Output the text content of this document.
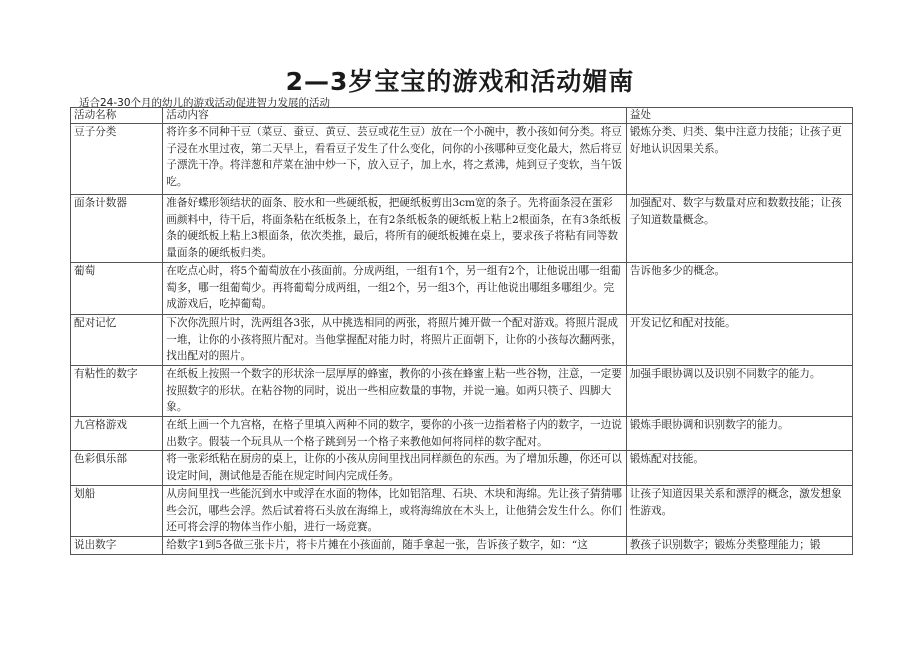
2—3岁宝宝的游戏和活动媚南
适合24-30个月的幼儿的游戏活动促进智力发展的活动
活动名称	活动内容	益处
豆子分类	将许多不同种干豆（菜豆、蚕豆、黄豆、芸豆或花生豆）放在一个小碗中，教小孩如何分类。将豆子浸在水里过夜，第二天早上，看看豆子发生了什么变化，问你的小孩哪种豆变化最大，然后将豆子漂洗干净。将洋葱和芹菜在油中炒一下，放入豆子，加上水，将之煮沸，炖到豆子变软，当午饭吃。	锻炼分类、归类、集中注意力技能；让孩子更好地认识因果关系。
面条计数器	准备好蝶形领结状的面条、胶水和一些硬纸板，把硬纸板剪出3cm宽的条子。先将面条浸在蛋彩画颜料中，待干后，将面条粘在纸板条上，在有2条纸板条的硬纸板上粘上2根面条，在有3条纸板条的硬纸板上粘上3根面条，依次类推，最后，将所有的硬纸板摊在桌上，要求孩子将粘有同等数量面条的硬纸板归类。	加强配对、数字与数量对应和数数技能；让孩子知道数量概念。
葡萄	在吃点心时，将5个葡萄放在小孩面前。分成两组，一组有1个，另一组有2个，让他说出哪一组葡萄多，哪一组葡萄少。再将葡萄分成两组，一组2个，另一组3个，再让他说出哪组多哪组少。完成游戏后，吃掉葡萄。	告诉他多少的概念。
配对记忆	下次你洗照片时，洗两组各3张，从中挑选相同的两张，将照片摊开做一个配对游戏。将照片混成一堆，让你的小孩将照片配对。当他掌握配对能力时，将照片正面朝下，让你的小孩每次翻两张，找出配对的照片。	开发记忆和配对技能。
有粘性的数字	在纸板上按照一个数字的形状涂一层厚厚的蜂蜜，教你的小孩在蜂蜜上粘一些谷物，注意，一定要按照数字的形状。在粘谷物的同时，说出一些相应数量的事物，并说一遍。如两只筷子、四脚大象。	加强手眼协调以及识别不同数字的能力。
九宫格游戏	在纸上画一个九宫格，在格子里填入两种不同的数字，要你的小孩一边指着格子内的数字，一边说出数字。假装一个玩具从一个格子跳到另一个格子来教他如何将同样的数字配对。	锻炼手眼协调和识别数字的能力。
色彩俱乐部	将一张彩纸粘在厨房的桌上，让你的小孩从房间里找出同样颜色的东西。为了增加乐趣，你还可以设定时间，测试他是否能在规定时间内完成任务。	锻炼配对技能。
划船	从房间里找一些能沉到水中或浮在水面的物体，比如铝箔理、石块、木块和海绵。先让孩子猜猜哪些会沉，哪些会浮。然后试着将石头放在海绵上，或将海绵放在木头上，让他猜会发生什么。你们还可将会浮的物体当作小船，进行一场竞赛。	让孩子知道因果关系和漂浮的概念，激发想象性游戏。

说出数字	给数字1到5各做三张卡片，将卡片摊在小孩面前，随手拿起一张，告诉孩子数字，如：“这	教孩子识别数字；锻炼分类整理能力；锻
